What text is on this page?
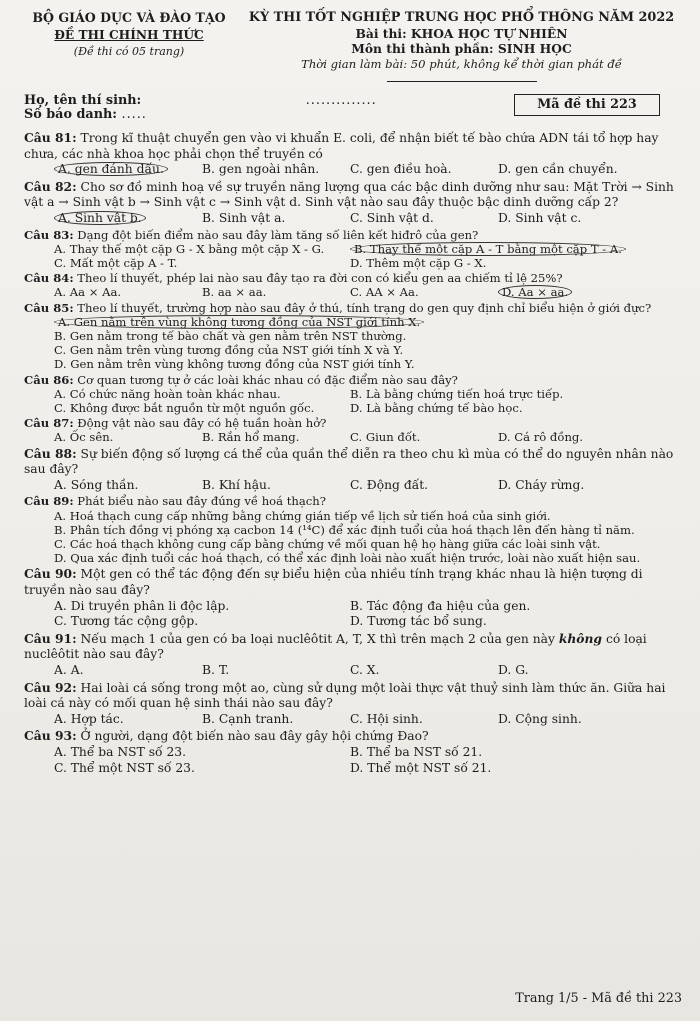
BỘ GIÁO DỤC VÀ ĐÀO TẠO
ĐỀ THI CHÍNH THỨC
(Đề thi có 05 trang)
KỲ THI TỐT NGHIỆP TRUNG HỌC PHỔ THÔNG NĂM 2022
Bài thi: KHOA HỌC TỰ NHIÊN
Môn thi thành phần: SINH HỌC
Thời gian làm bài: 50 phút, không kể thời gian phát đề
Họ, tên thí sinh:	..............
Số báo danh: .....
Mã đề thi 223
Câu 81: Trong kĩ thuật chuyển gen vào vi khuẩn E. coli, để nhận biết tế bào chứa ADN tái tổ hợp hay chưa, các nhà khoa học phải chọn thể truyền có
A. gen đánh dấu.	B. gen ngoài nhân.	C. gen điều hoà.	D. gen cần chuyển.
Câu 82: Cho sơ đồ minh hoạ về sự truyền năng lượng qua các bậc dinh dưỡng như sau: Mặt Trời → Sinh vật a → Sinh vật b → Sinh vật c → Sinh vật d. Sinh vật nào sau đây thuộc bậc dinh dưỡng cấp 2?
A. Sinh vật b.	B. Sinh vật a.	C. Sinh vật d.	D. Sinh vật c.
Câu 83: Dạng đột biến điểm nào sau đây làm tăng số liên kết hiđrô của gen?
A. Thay thế một cặp G - X bằng một cặp X - G.	B. Thay thế một cặp A - T bằng một cặp T - A.
C. Mất một cặp A - T.	D. Thêm một cặp G - X.
Câu 84: Theo lí thuyết, phép lai nào sau đây tạo ra đời con có kiểu gen aa chiếm tỉ lệ 25%?
A. Aa × Aa.	B. aa × aa.	C. AA × Aa.	D. Aa × aa.
Câu 85: Theo lí thuyết, trường hợp nào sau đây ở thú, tính trạng do gen quy định chỉ biểu hiện ở giới đực?
A. Gen nằm trên vùng không tương đồng của NST giới tính X.
B. Gen nằm trong tế bào chất và gen nằm trên NST thường.
C. Gen nằm trên vùng tương đồng của NST giới tính X và Y.
D. Gen nằm trên vùng không tương đồng của NST giới tính Y.
Câu 86: Cơ quan tương tự ở các loài khác nhau có đặc điểm nào sau đây?
A. Có chức năng hoàn toàn khác nhau.	B. Là bằng chứng tiến hoá trực tiếp.
C. Không được bắt nguồn từ một nguồn gốc.	D. Là bằng chứng tế bào học.
Câu 87: Động vật nào sau đây có hệ tuần hoàn hở?
A. Ốc sên.	B. Rắn hổ mang.	C. Giun đốt.	D. Cá rô đồng.
Câu 88: Sự biến động số lượng cá thể của quần thể diễn ra theo chu kì mùa có thể do nguyên nhân nào sau đây?
A. Sóng thần.	B. Khí hậu.	C. Động đất.	D. Cháy rừng.
Câu 89: Phát biểu nào sau đây đúng về hoá thạch?
A. Hoá thạch cung cấp những bằng chứng gián tiếp về lịch sử tiến hoá của sinh giới.
B. Phân tích đồng vị phóng xạ cacbon 14 (¹⁴C) để xác định tuổi của hoá thạch lên đến hàng tỉ năm.
C. Các hoá thạch không cung cấp bằng chứng về mối quan hệ họ hàng giữa các loài sinh vật.
D. Qua xác định tuổi các hoá thạch, có thể xác định loài nào xuất hiện trước, loài nào xuất hiện sau.
Câu 90: Một gen có thể tác động đến sự biểu hiện của nhiều tính trạng khác nhau là hiện tượng di truyền nào sau đây?
A. Di truyền phân li độc lập.	B. Tác động đa hiệu của gen.
C. Tương tác cộng gộp.	D. Tương tác bổ sung.
Câu 91: Nếu mạch 1 của gen có ba loại nuclêôtit A, T, X thì trên mạch 2 của gen này không có loại nuclêôtit nào sau đây?
A. A.	B. T.	C. X.	D. G.
Câu 92: Hai loài cá sống trong một ao, cùng sử dụng một loài thực vật thuỷ sinh làm thức ăn. Giữa hai loài cá này có mối quan hệ sinh thái nào sau đây?
A. Hợp tác.	B. Cạnh tranh.	C. Hội sinh.	D. Cộng sinh.
Câu 93: Ở người, dạng đột biến nào sau đây gây hội chứng Đao?
A. Thể ba NST số 23.	B. Thể ba NST số 21.
C. Thể một NST số 23.	D. Thể một NST số 21.
Trang 1/5 - Mã đề thi 223
